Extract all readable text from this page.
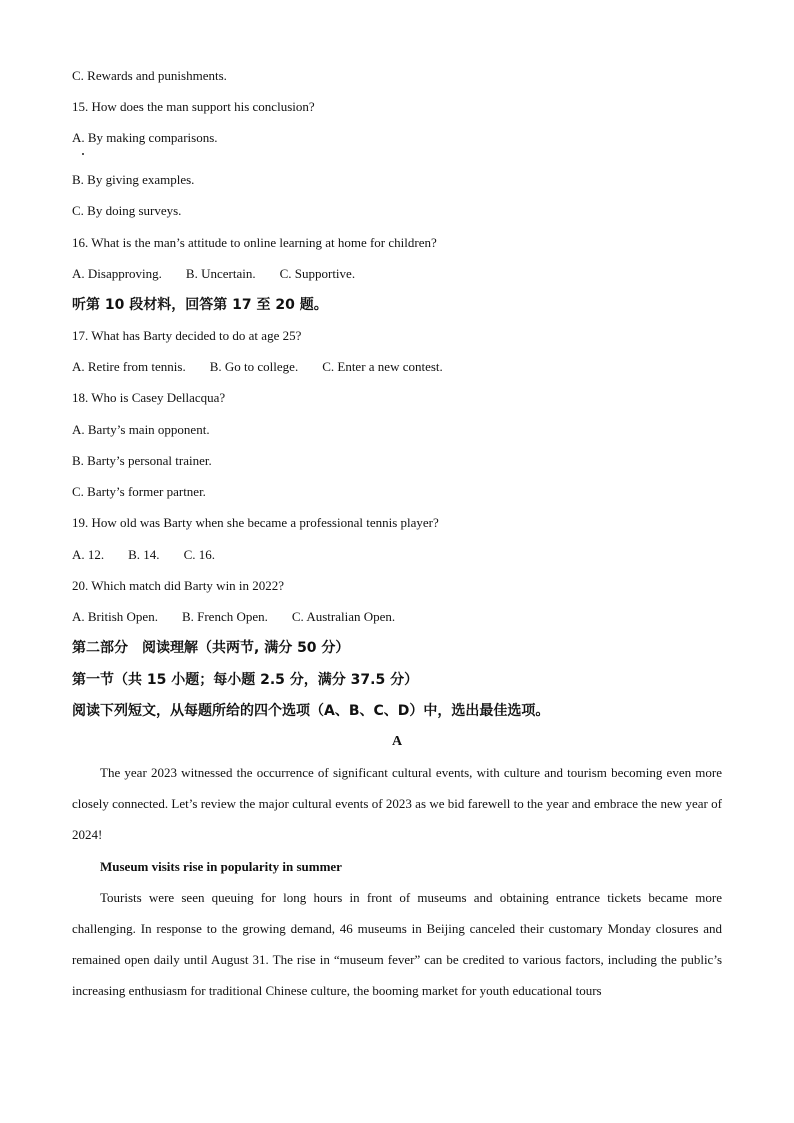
C. Rewards and punishments.
15. How does the man support his conclusion?
A. By making comparisons.
B. By giving examples.
C. By doing surveys.
16. What is the man’s attitude to online learning at home for children?
A. Disapproving. B. Uncertain. C. Supportive.
听第 10 段材料，回答第 17 至 20 题。
17. What has Barty decided to do at age 25?
A. Retire from tennis. B. Go to college. C. Enter a new contest.
18. Who is Casey Dellacqua?
A. Barty’s main opponent.
B. Barty’s personal trainer.
C. Barty’s former partner.
19. How old was Barty when she became a professional tennis player?
A. 12. B. 14. C. 16.
20. Which match did Barty win in 2022?
A. British Open. B. French Open. C. Australian Open.
第二部分　阅读理解（共两节, 满分 50 分）
第一节（共 15 小题；每小题 2.5 分，满分 37.5 分）
阅读下列短文，从每题所给的四个选项（A、B、C、D）中，选出最佳选项。
A
The year 2023 witnessed the occurrence of significant cultural events, with culture and tourism becoming even more closely connected. Let’s review the major cultural events of 2023 as we bid farewell to the year and embrace the new year of 2024!
Museum visits rise in popularity in summer
Tourists were seen queuing for long hours in front of museums and obtaining entrance tickets became more challenging. In response to the growing demand, 46 museums in Beijing canceled their customary Monday closures and remained open daily until August 31. The rise in “museum fever” can be credited to various factors, including the public’s increasing enthusiasm for traditional Chinese culture, the booming market for youth educational tours
